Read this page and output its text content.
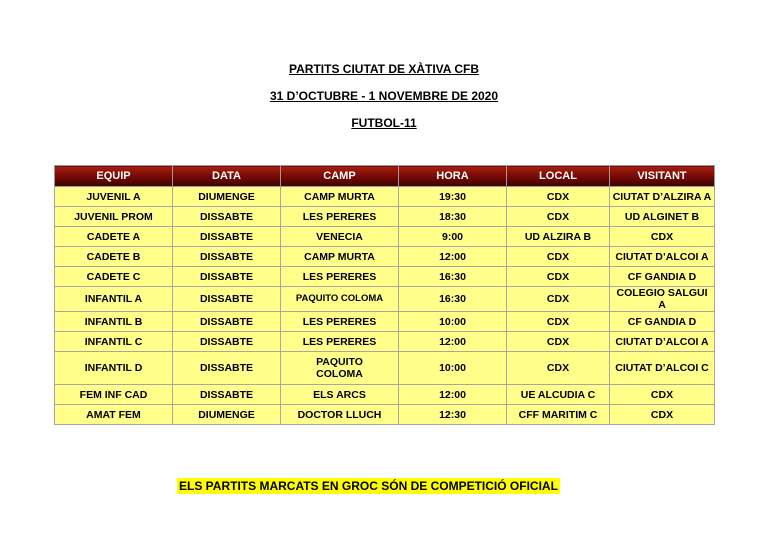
PARTITS CIUTAT DE XÀTIVA CFB

31 D’OCTUBRE - 1 NOVEMBRE DE 2020

FUTBOL-11

EQUIP	DATA	CAMP	HORA	LOCAL	VISITANT
JUVENIL A	DIUMENGE	CAMP MURTA	19:30	CDX	CIUTAT D’ALZIRA A
JUVENIL PROM	DISSABTE	LES PERERES	18:30	CDX	UD ALGINET B
CADETE A	DISSABTE	VENECIA	9:00	UD ALZIRA B	CDX
CADETE B	DISSABTE	CAMP MURTA	12:00	CDX	CIUTAT D’ALCOI A
CADETE C	DISSABTE	LES PERERES	16:30	CDX	CF GANDIA D
INFANTIL A	DISSABTE	PAQUITO COLOMA	16:30	CDX	COLEGIO SALGUI A
INFANTIL B	DISSABTE	LES PERERES	10:00	CDX	CF GANDIA D
INFANTIL C	DISSABTE	LES PERERES	12:00	CDX	CIUTAT D’ALCOI A
INFANTIL D	DISSABTE	PAQUITO COLOMA	10:00	CDX	CIUTAT D’ALCOI C
FEM INF CAD	DISSABTE	ELS ARCS	12:00	UE ALCUDIA C	CDX
AMAT FEM	DIUMENGE	DOCTOR LLUCH	12:30	CFF MARITIM C	CDX

ELS PARTITS MARCATS EN GROC SÓN DE COMPETICIÓ OFICIAL
